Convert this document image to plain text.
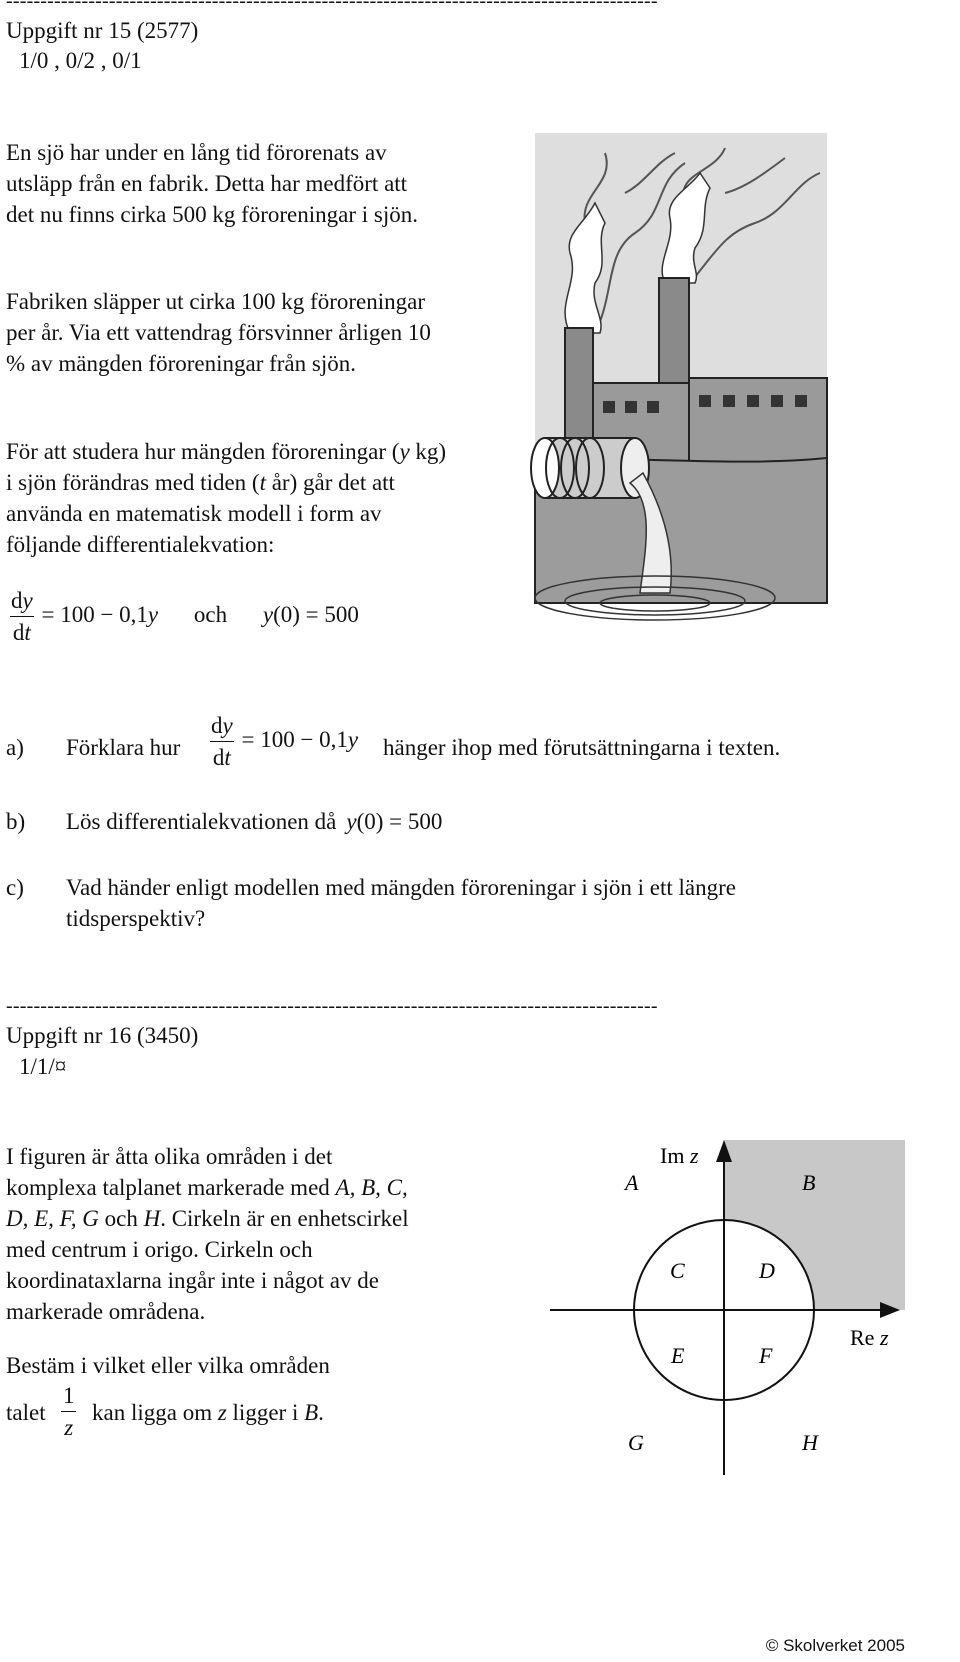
-----------------------------------------------------------------------------------------------
Uppgift nr 15 (2577)
1/0 , 0/2 , 0/1

En sjö har under en lång tid förorenats av utsläpp från en fabrik. Detta har medfört att det nu finns cirka 500 kg föroreningar i sjön.

Fabriken släpper ut cirka 100 kg föroreningar per år. Via ett vattendrag försvinner årligen 10 % av mängden föroreningar från sjön.

För att studera hur mängden föroreningar (y kg) i sjön förändras med tiden (t år) går det att använda en matematisk modell i form av följande differentialekvation:

$\frac{dy}{dt} = 100 - 0,1y$ och y(0) = 500
a) Förklara hur $\frac{dy}{dt} = 100 - 0,1y$ hänger ihop med förutsättningarna i texten.
b) Lös differentialekvationen då y(0) = 500
c) Vad händer enligt modellen med mängden föroreningar i sjön i ett längre tidsperspektiv?
-----------------------------------------------------------------------------------------------
Uppgift nr 16 (3450)
1/1/¤

I figuren är åtta olika områden i det komplexa talplanet markerade med A, B, C, D, E, F, G och H. Cirkeln är en enhetscirkel med centrum i origo. Cirkeln och koordinataxlarna ingår inte i något av de markerade områdena.

Bestäm i vilket eller vilka områden
talet $\frac{1}{z}$ kan ligga om z ligger i B.
Im z
Re z
A	B
C	D
E	F
G	H
© Skolverket 2005
